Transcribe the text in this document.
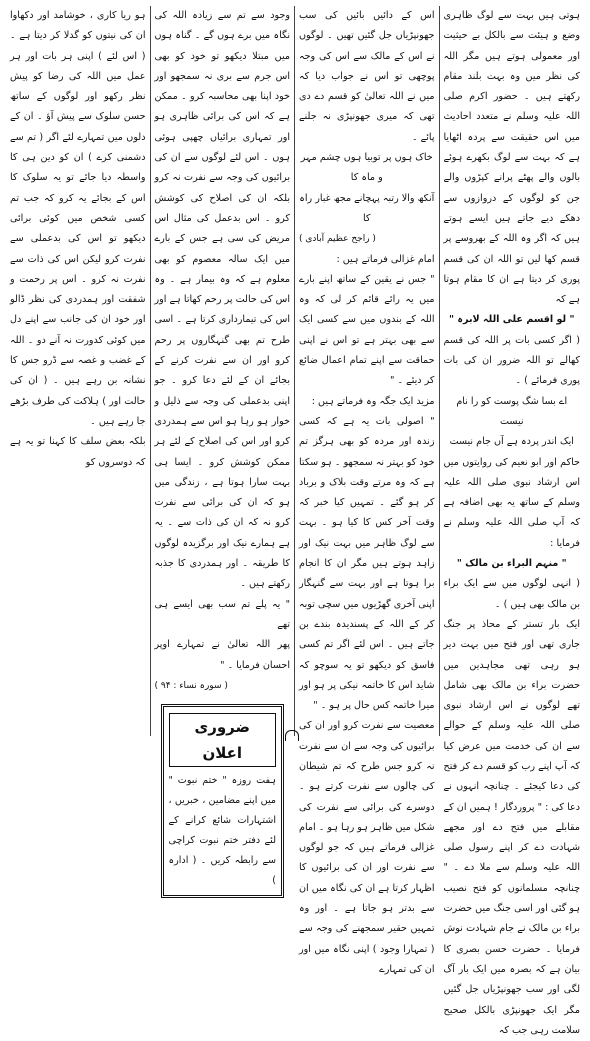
ہوتی ہیں بہت سے لوگ ظاہری وضع و ہیئت سے بالکل بے حیثیت اور معمولی ہوتے ہیں مگر اللہ کی نظر میں وہ بہت بلند مقام رکھتے ہیں ۔ حضور اکرم صلی اللہ علیہ وسلم نے متعدد احادیث میں اس حقیقت سے پردہ اٹھایا ہے کہ بہت سے لوگ بکھرے ہوئے بالوں والے پھٹے پرانے کپڑوں والے جن کو لوگوں کے دروازوں سے دھکے دیے جاتے ہیں ایسے ہوتے ہیں کہ اگر وہ اللہ کے بھروسے پر قسم کھا لیں تو اللہ ان کی قسم پوری کر دیتا ہے ان کا مقام ہوتا ہے کہ

" لو اقسم علی اللہ لابرہ "

( اگر کسی بات پر اللہ کی قسم کھالے تو اللہ ضرور ان کی بات پوری فرمائے ) ۔

اے بسا شگ پوست کو را نام نیست

ایک اندر پردہ ہے آں جام نیست

حاکم اور ابو نعیم کی روایتوں میں اس ارشاد نبوی صلی اللہ علیہ وسلم کے ساتھ یہ بھی اضافہ ہے کہ آپ صلی اللہ علیہ وسلم نے فرمایا :

" منہم البراء بن مالک "

( انہی لوگوں میں سے ایک براء بن مالک بھی ہیں ) ۔

ایک بار تستر کے محاذ پر جنگ جاری تھی اور فتح میں بہت دیر ہو رہی تھی مجاہدین میں حضرت براء بن مالک بھی شامل تھے لوگوں نے اس ارشاد نبوی صلی اللہ علیہ وسلم کے حوالے سے ان کی خدمت میں عرض کیا کہ آپ اپنے رب کو قسم دے کر فتح کی دعا کیجئے ۔ چنانچہ انہوں نے دعا کی : " پروردگار ! ہمیں ان کے مقابلے میں فتح دے اور مجھے شہادت دے کر اپنے رسول صلی اللہ علیہ وسلم سے ملا دے ۔ " چنانچہ مسلمانوں کو فتح نصیب ہو گئی اور اسی جنگ میں حضرت براء بن مالک نے جام شہادت نوش فرمایا ۔ حضرت حسن بصری کا بیان ہے کہ بصرہ میں ایک بار آگ لگی اور سب جھونپڑیاں جل گئیں مگر ایک جھونپڑی بالکل صحیح سلامت رہی جب کہ

اس کے دائیں بائیں کی سب جھونپڑیاں جل گئیں تھیں ۔ لوگوں نے اس کے مالک سے اس کی وجہ پوچھی تو اس نے جواب دیا کہ میں نے اللہ تعالیٰ کو قسم دے دی تھی کہ میری جھونپڑی نہ جلنے پائے ۔

خاک ہوں پر توبیا ہوں چشم مہر و ماہ کا

آنکھ والا رتبہ پہچانے مجھ غبار راہ کا

( راجح عظیم آبادی )

امام غزالی فرماتے ہیں :

" جس نے یقین کے ساتھ اپنے بارے میں یہ رائے قائم کر لی کہ وہ اللہ کے بندوں میں سے کسی ایک سے بھی بہتر ہے تو اس نے اپنی حماقت سے اپنے تمام اعمال ضائع کر دیئے ۔ "

مزید ایک جگہ وہ فرماتے ہیں :

" اصولی بات یہ ہے کہ کسی زندہ اور مردہ کو بھی ہرگز تم خود کو بہتر نہ سمجھو ۔ ہو سکتا ہے کہ وہ مرتے وقت بلاک و برباد کر ہو گئے ۔ تمہیں کیا خبر کہ وقت آخر کس کا کیا ہو ۔ بہت سے لوگ ظاہر میں بہت نیک اور زاہد ہوتے ہیں مگر ان کا انجام برا ہوتا ہے اور بہت سے گنہگار اپنی آخری گھڑیوں میں سچی توبہ کر کے اللہ کے پسندیدہ بندے بن جاتے ہیں ۔ اس لئے اگر تم کسی فاسق کو دیکھو تو یہ سوچو کہ شاید اس کا خاتمہ نیکی پر ہو اور میرا خاتمہ کس حال پر ہو ۔ "

معصیت سے نفرت کرو اور ان کی برائیوں کی وجہ سے ان سے نفرت نہ کرو جس طرح کہ تم شیطان کی چالوں سے نفرت کرتے ہو ۔ دوسرے کی برائی سے نفرت کی شکل میں ظاہر ہو رہا ہو ۔ امام غزالی فرماتے ہیں کہ جو لوگوں سے نفرت اور ان کی برائیوں کا اظہار کرتا ہے ان کی نگاہ میں ان سے بدتر ہو جاتا ہے ۔ اور وہ تمہیں حقیر سمجھنے کی وجہ سے ( تمہارا وجود ) اپنی نگاہ میں اور ان کی تمہارے

وجود سے تم سے زیادہ اللہ کی نگاہ میں برے ہوں گے ۔ گناہ ہوں میں مبتلا دیکھو تو خود کو بھی اس جرم سے بری نہ سمجھو اور خود اپنا بھی محاسبہ کرو ۔ ممکن ہے کہ اس کی برائی ظاہری ہو اور تمہاری برائیاں چھپی ہوئی ہوں ۔ اس لئے لوگوں سے ان کی برائیوں کی وجہ سے نفرت نہ کرو بلکہ ان کی اصلاح کی کوشش کرو ۔ اس بدعمل کی مثال اس مریض کی سی ہے جس کے بارے میں ایک سالہ معصوم کو بھی معلوم ہے کہ وہ بیمار ہے ۔ وہ اس کی حالت پر رحم کھاتا ہے اور اس کی تیمارداری کرتا ہے ۔ اسی طرح تم بھی گنہگاروں پر رحم کرو اور ان سے نفرت کرنے کے بجائے ان کے لئے دعا کرو ۔ جو اپنی بدعملی کی وجہ سے ذلیل و خوار ہو رہا ہو اس سے ہمدردی کرو اور اس کی اصلاح کے لئے ہر ممکن کوشش کرو ۔ ایسا ہی بہت سارا ہوتا ہے ، زندگی میں ہو کہ ان کی برائی سے نفرت کرو نہ کہ ان کی ذات سے ۔ یہ ہے ہمارے نیک اور برگزیدہ لوگوں کا طریقہ ۔ اور ہمدردی کا جذبہ رکھتے ہیں ۔

" یہ پلے تم سب بھی ایسے ہی تھے

پھر اللہ تعالیٰ نے تمہارے اوپر احسان فرمایا ۔ "

( سورہ نساء : ۹۴ )

ضروری اعلان
ہفت روزہ " ختم نبوت " میں اپنے مضامین ، خبریں ، اشتہارات شائع کرانے کے لئے دفتر ختم نبوت کراچی سے رابطہ کریں ۔ ( ادارہ )

ہو ریا کاری ، خوشامد اور دکھاوا ان کی نیتوں کو گدلا کر دیتا ہے ۔ ( اس لئے ) اپنی ہر بات اور ہر عمل میں اللہ کی رضا کو پیش نظر رکھو اور لوگوں کے ساتھ حسن سلوک سے پیش آؤ ۔ ان کے دلوں میں تمہارے لئے اگر ( تم سے دشمنی کرے ) ان کو دین ہی کا واسطہ دیا جائے تو یہ سلوک کا اس کے بجائے یہ کرو کہ جب تم کسی شخص میں کوئی برائی دیکھو تو اس کی بدعملی سے نفرت کرو لیکن اس کی ذات سے نفرت نہ کرو ۔ اس پر رحمت و شفقت اور ہمدردی کی نظر ڈالو اور خود ان کی جانب سے اپنے دل میں کوئی کدورت نہ آنے دو ۔ اللہ کے غضب و غصہ سے ڈرو جس کا نشانہ بن رہے ہیں ۔ ( ان کی حالت اور ) ہلاکت کی طرف بڑھے جا رہے ہیں ۔

بلکہ بعض سلف کا کہنا تو یہ ہے کہ دوسروں کو
